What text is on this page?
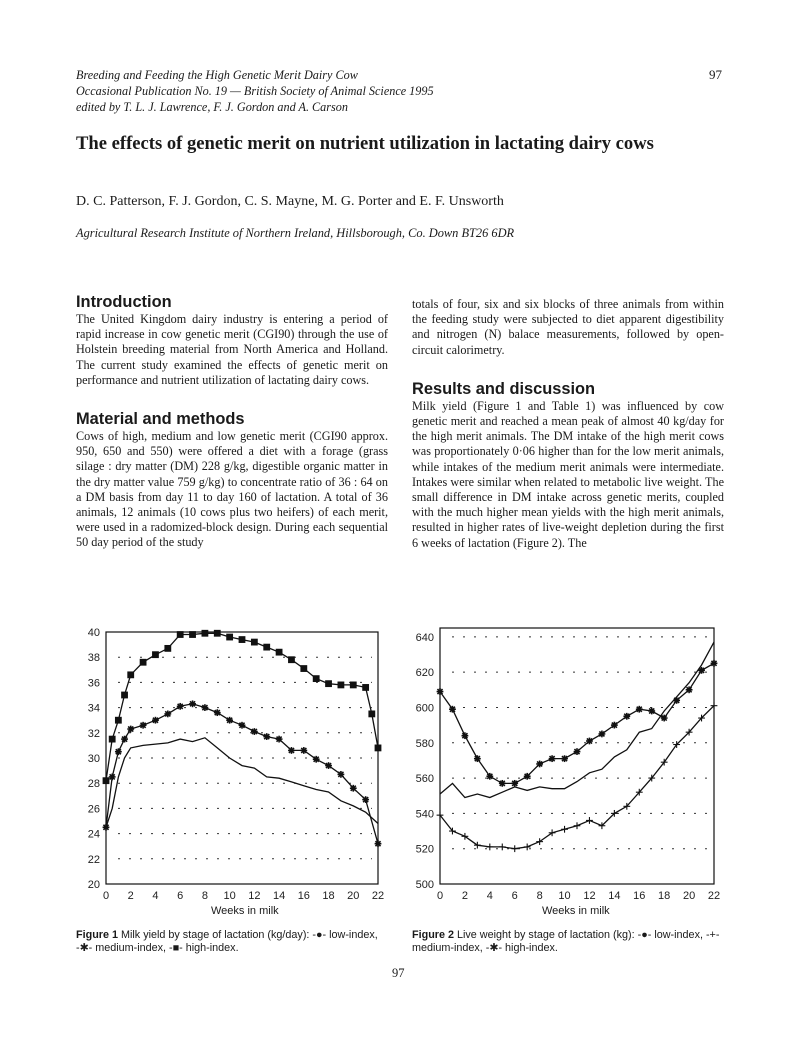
Breeding and Feeding the High Genetic Merit Dairy Cow
Occasional Publication No. 19 — British Society of Animal Science 1995
edited by T. L. J. Lawrence, F. J. Gordon and A. Carson
97
The effects of genetic merit on nutrient utilization in lactating dairy cows
D. C. Patterson, F. J. Gordon, C. S. Mayne, M. G. Porter and E. F. Unsworth
Agricultural Research Institute of Northern Ireland, Hillsborough, Co. Down BT26 6DR
Introduction

The United Kingdom dairy industry is entering a period of rapid increase in cow genetic merit (CGI90) through the use of Holstein breeding material from North America and Holland. The current study examined the effects of genetic merit on performance and nutrient utilization of lactating dairy cows.

Material and methods

Cows of high, medium and low genetic merit (CGI90 approx. 950, 650 and 550) were offered a diet with a forage (grass silage : dry matter (DM) 228 g/kg, digestible organic matter in the dry matter value 759 g/kg) to concentrate ratio of 36 : 64 on a DM basis from day 11 to day 160 of lactation. A total of 36 animals, 12 animals (10 cows plus two heifers) of each merit, were used in a radomized-block design. During each sequential 50 day period of the study

totals of four, six and six blocks of three animals from within the feeding study were subjected to diet apparent digestibility and nitrogen (N) balace measurements, followed by open-circuit calorimetry.

Results and discussion

Milk yield (Figure 1 and Table 1) was influenced by cow genetic merit and reached a mean peak of almost 40 kg/day for the high merit animals. The DM intake of the high merit cows was proportionately 0·06 higher than for the low merit animals, while intakes of the medium merit animals were intermediate. Intakes were similar when related to metabolic live weight. The small difference in DM intake across genetic merits, coupled with the much higher mean yields with the high merit animals, resulted in higher rates of live-weight depletion during the first 6 weeks of lactation (Figure 2). The

20
22
24
26
28
30
32
34
36
38
40
0 2 4 6 8 10 12 14 16 18 20 22
Weeks in milk
Figure 1 Milk yield by stage of lactation (kg/day): -●- low-index, -✱- medium-index, -■- high-index.
500
520
540
560
580
600
620
640
0 2 4 6 8 10 12 14 16 18 20 22
Weeks in milk
Figure 2 Live weight by stage of lactation (kg): -●- low-index, -+- medium-index, -✱- high-index.
97
